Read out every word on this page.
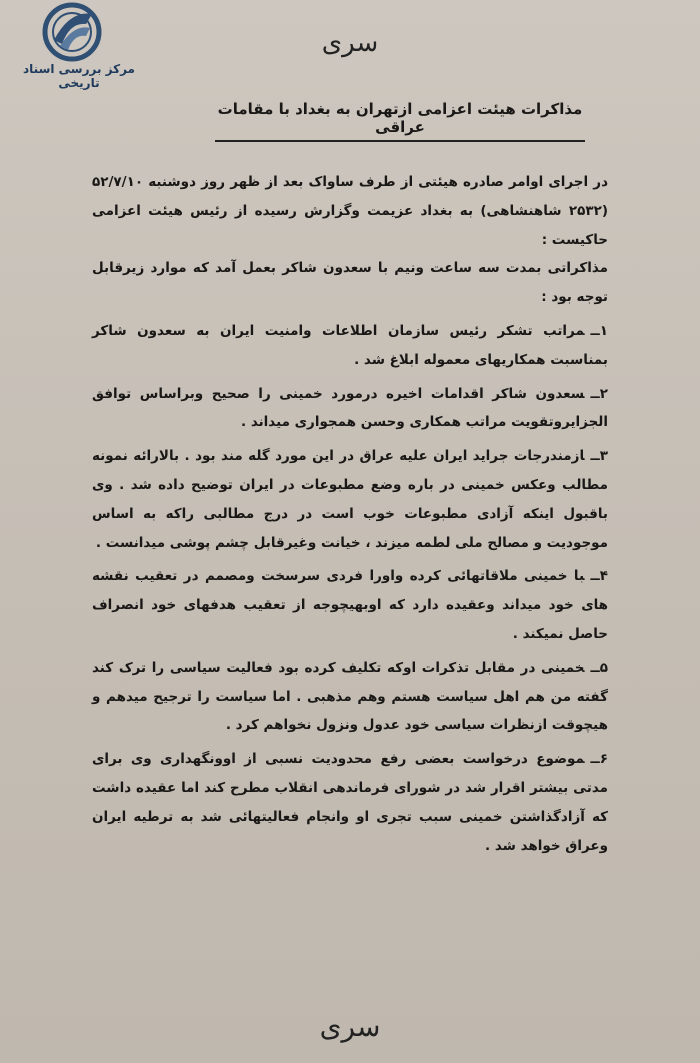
مرکز بررسی اسناد تاریخی
سری
مذاکرات هیئت اعزامی ازتهران به بغداد با مقامات عراقی

در اجرای اوامر صادره هیئتی از طرف ساواک بعد از ظهر روز دوشنبه ۵۲/۷/۱۰ (۲۵۳۲ شاهنشاهی) به بغداد عزیمت وگزارش رسیده از رئیس هیئت اعزامی حاکیست :

مذاکراتی بمدت سه ساعت ونیم با سعدون شاکر بعمل آمد که موارد زیرقابل توجه بود :

۱ــمراتب تشکر رئیس سازمان اطلاعات وامنیت ایران به سعدون شاکر بمناسبت همکاریهای معموله ابلاغ شد .

۲ــسعدون شاکر اقدامات اخیره درمورد خمینی را صحیح وبراساس توافق الجزایروتقویت مراتب همکاری وحسن همجواری میداند .

۳ــازمندرجات جراید ایران علیه عراق در این مورد گله مند بود . بالارائه نمونه مطالب وعکس خمینی در باره وضع مطبوعات در ایران توضیح داده شد . وی باقبول اینکه آزادی مطبوعات خوب است در درج مطالبی راکه به اساس موجودیت و مصالح ملی لطمه میزند ، خیانت وغیرقابل چشم پوشی میدانست .

۴ــبا خمینی ملاقاتهائی کرده واورا فردی سرسخت ومصمم در تعقیب نقشه های خود میداند وعقیده دارد که اوبهیچوجه از تعقیب هدفهای خود انصراف حاصل نمیکند .

۵ــخمینی در مقابل تذکرات اوکه تکلیف کرده بود فعالیت سیاسی را ترک کند گفته من هم اهل سیاست هستم وهم مذهبی . اما سیاست را ترجیح میدهم و هیچوقت ازنظرات سیاسی خود عدول ونزول نخواهم کرد .

۶ــموضوع درخواست بعضی رفع محدودیت نسبی از اوونگهداری وی برای مدتی بیشتر اقرار شد در شورای فرماندهی انقلاب مطرح کند اما عقیده داشت که آزادگذاشتن خمینی سبب تجری او وانجام فعالیتهائی شد به ترطیه ایران وعراق خواهد شد .

سری
